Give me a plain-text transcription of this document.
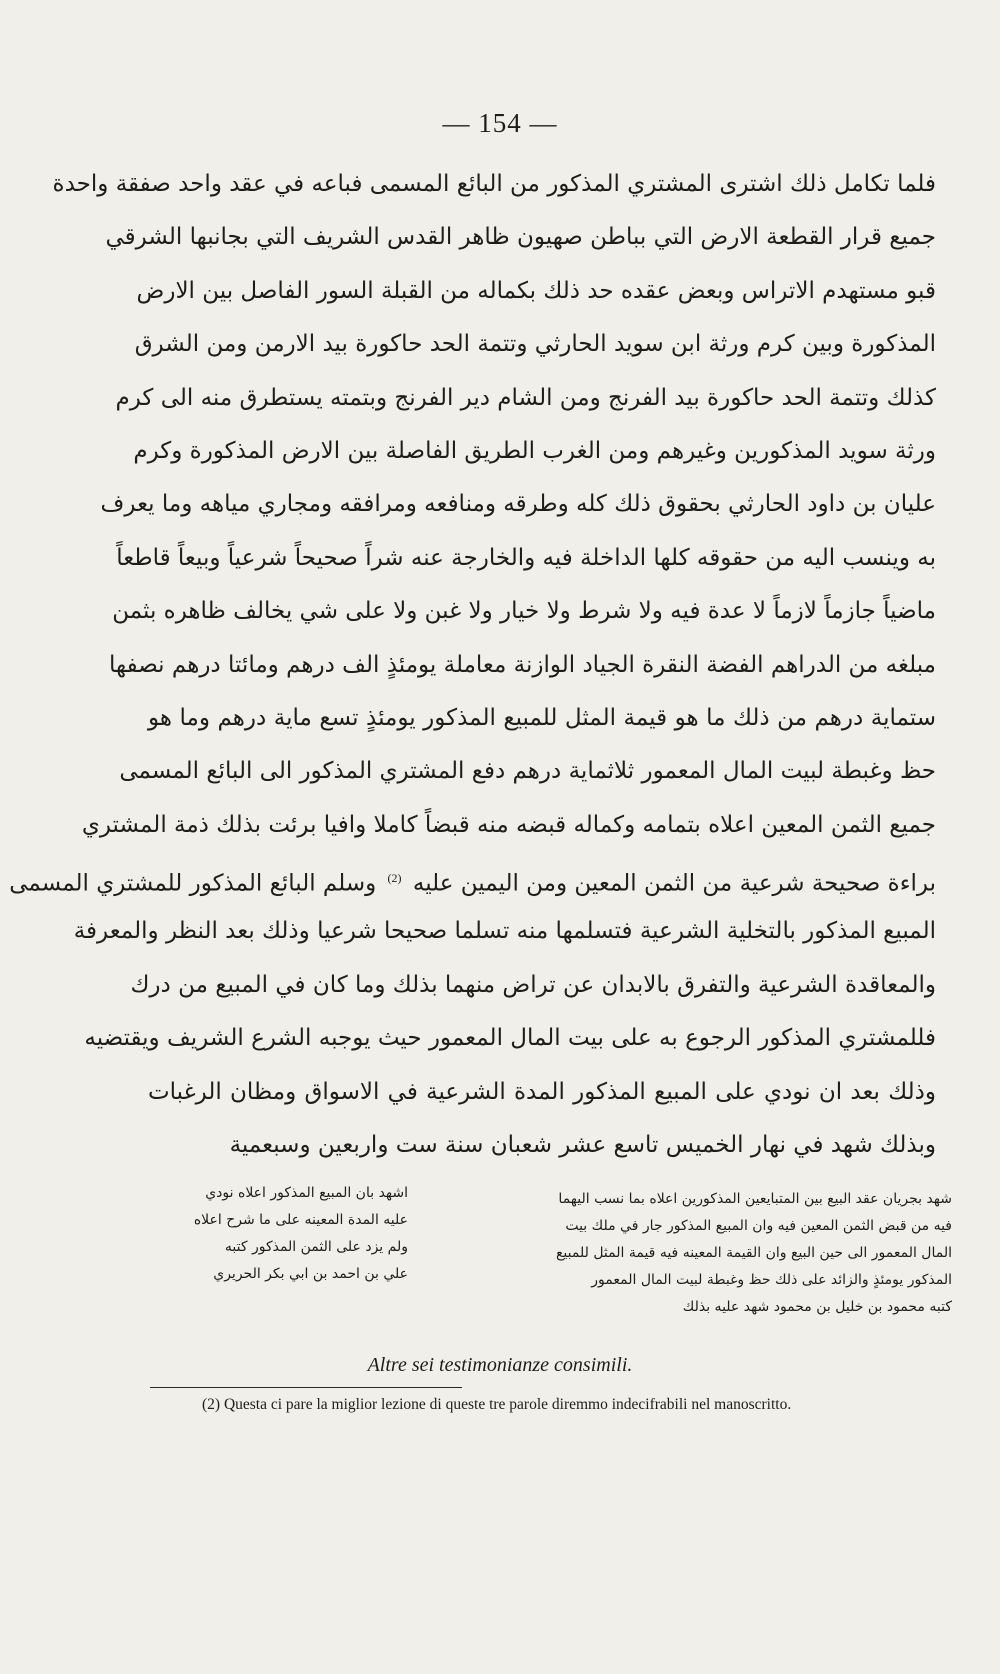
— 154 —
فلما تكامل ذلك اشترى المشتري المذكور من البائع المسمى فباعه في عقد واحد صفقة واحدة
جميع قرار القطعة الارض التي بباطن صهيون ظاهر القدس الشريف التي بجانبها الشرقي
قبو مستهدم الاتراس وبعض عقده حد ذلك بكماله من القبلة السور الفاصل بين الارض
المذكورة وبين كرم ورثة ابن سويد الحارثي وتتمة الحد حاكورة بيد الارمن ومن الشرق
كذلك وتتمة الحد حاكورة بيد الفرنج ومن الشام دير الفرنج وبتمته يستطرق منه الى كرم
ورثة سويد المذكورين وغيرهم ومن الغرب الطريق الفاصلة بين الارض المذكورة وكرم
عليان بن داود الحارثي بحقوق ذلك كله وطرقه ومنافعه ومرافقه ومجاري مياهه وما يعرف
به وينسب اليه من حقوقه كلها الداخلة فيه والخارجة عنه شراً صحيحاً شرعياً وبيعاً قاطعاً
ماضياً جازماً لازماً لا عدة فيه ولا شرط ولا خيار ولا غبن ولا على شي يخالف ظاهره بثمن
مبلغه من الدراهم الفضة النقرة الجياد الوازنة معاملة يومئذٍ الف درهم ومائتا درهم نصفها
ستماية درهم من ذلك ما هو قيمة المثل للمبيع المذكور يومئذٍ تسع ماية درهم وما هو
حظ وغبطة لبيت المال المعمور ثلاثماية درهم دفع المشتري المذكور الى البائع المسمى
جميع الثمن المعين اعلاه بتمامه وكماله قبضه منه قبضاً كاملا وافيا برئت بذلك ذمة المشتري
براءة صحيحة شرعية من الثمن المعين ومن اليمين عليه $^{(2)}$ وسلم البائع المذكور للمشتري المسمى
المبيع المذكور بالتخلية الشرعية فتسلمها منه تسلما صحيحا شرعيا وذلك بعد النظر والمعرفة
والمعاقدة الشرعية والتفرق بالابدان عن تراض منهما بذلك وما كان في المبيع من درك
فللمشتري المذكور الرجوع به على بيت المال المعمور حيث يوجبه الشرع الشريف ويقتضيه
وذلك بعد ان نودي على المبيع المذكور المدة الشرعية في الاسواق ومظان الرغبات
وبذلك شهد في نهار الخميس تاسع عشر شعبان سنة ست واربعين وسبعمية
شهد بجريان عقد البيع بين المتبايعين المذكورين اعلاه بما نسب اليهما
فيه من قبض الثمن المعين فيه وان المبيع المذكور جار في ملك بيت
المال المعمور الى حين البيع وان القيمة المعينه فيه قيمة المثل للمبيع
المذكور يومئذٍ والزائد على ذلك حظ وغبطة لبيت المال المعمور
كتبه محمود بن خليل بن محمود شهد عليه بذلك
اشهد بان المبيع المذكور اعلاه نودي
عليه المدة المعينه على ما شرح اعلاه
ولم يزد على الثمن المذكور كتبه
علي بن احمد بن ابي بكر الحريري
Altre sei testimonianze consimili.
(2) Questa ci pare la miglior lezione di queste tre parole diremmo indecifrabili nel manoscritto.
